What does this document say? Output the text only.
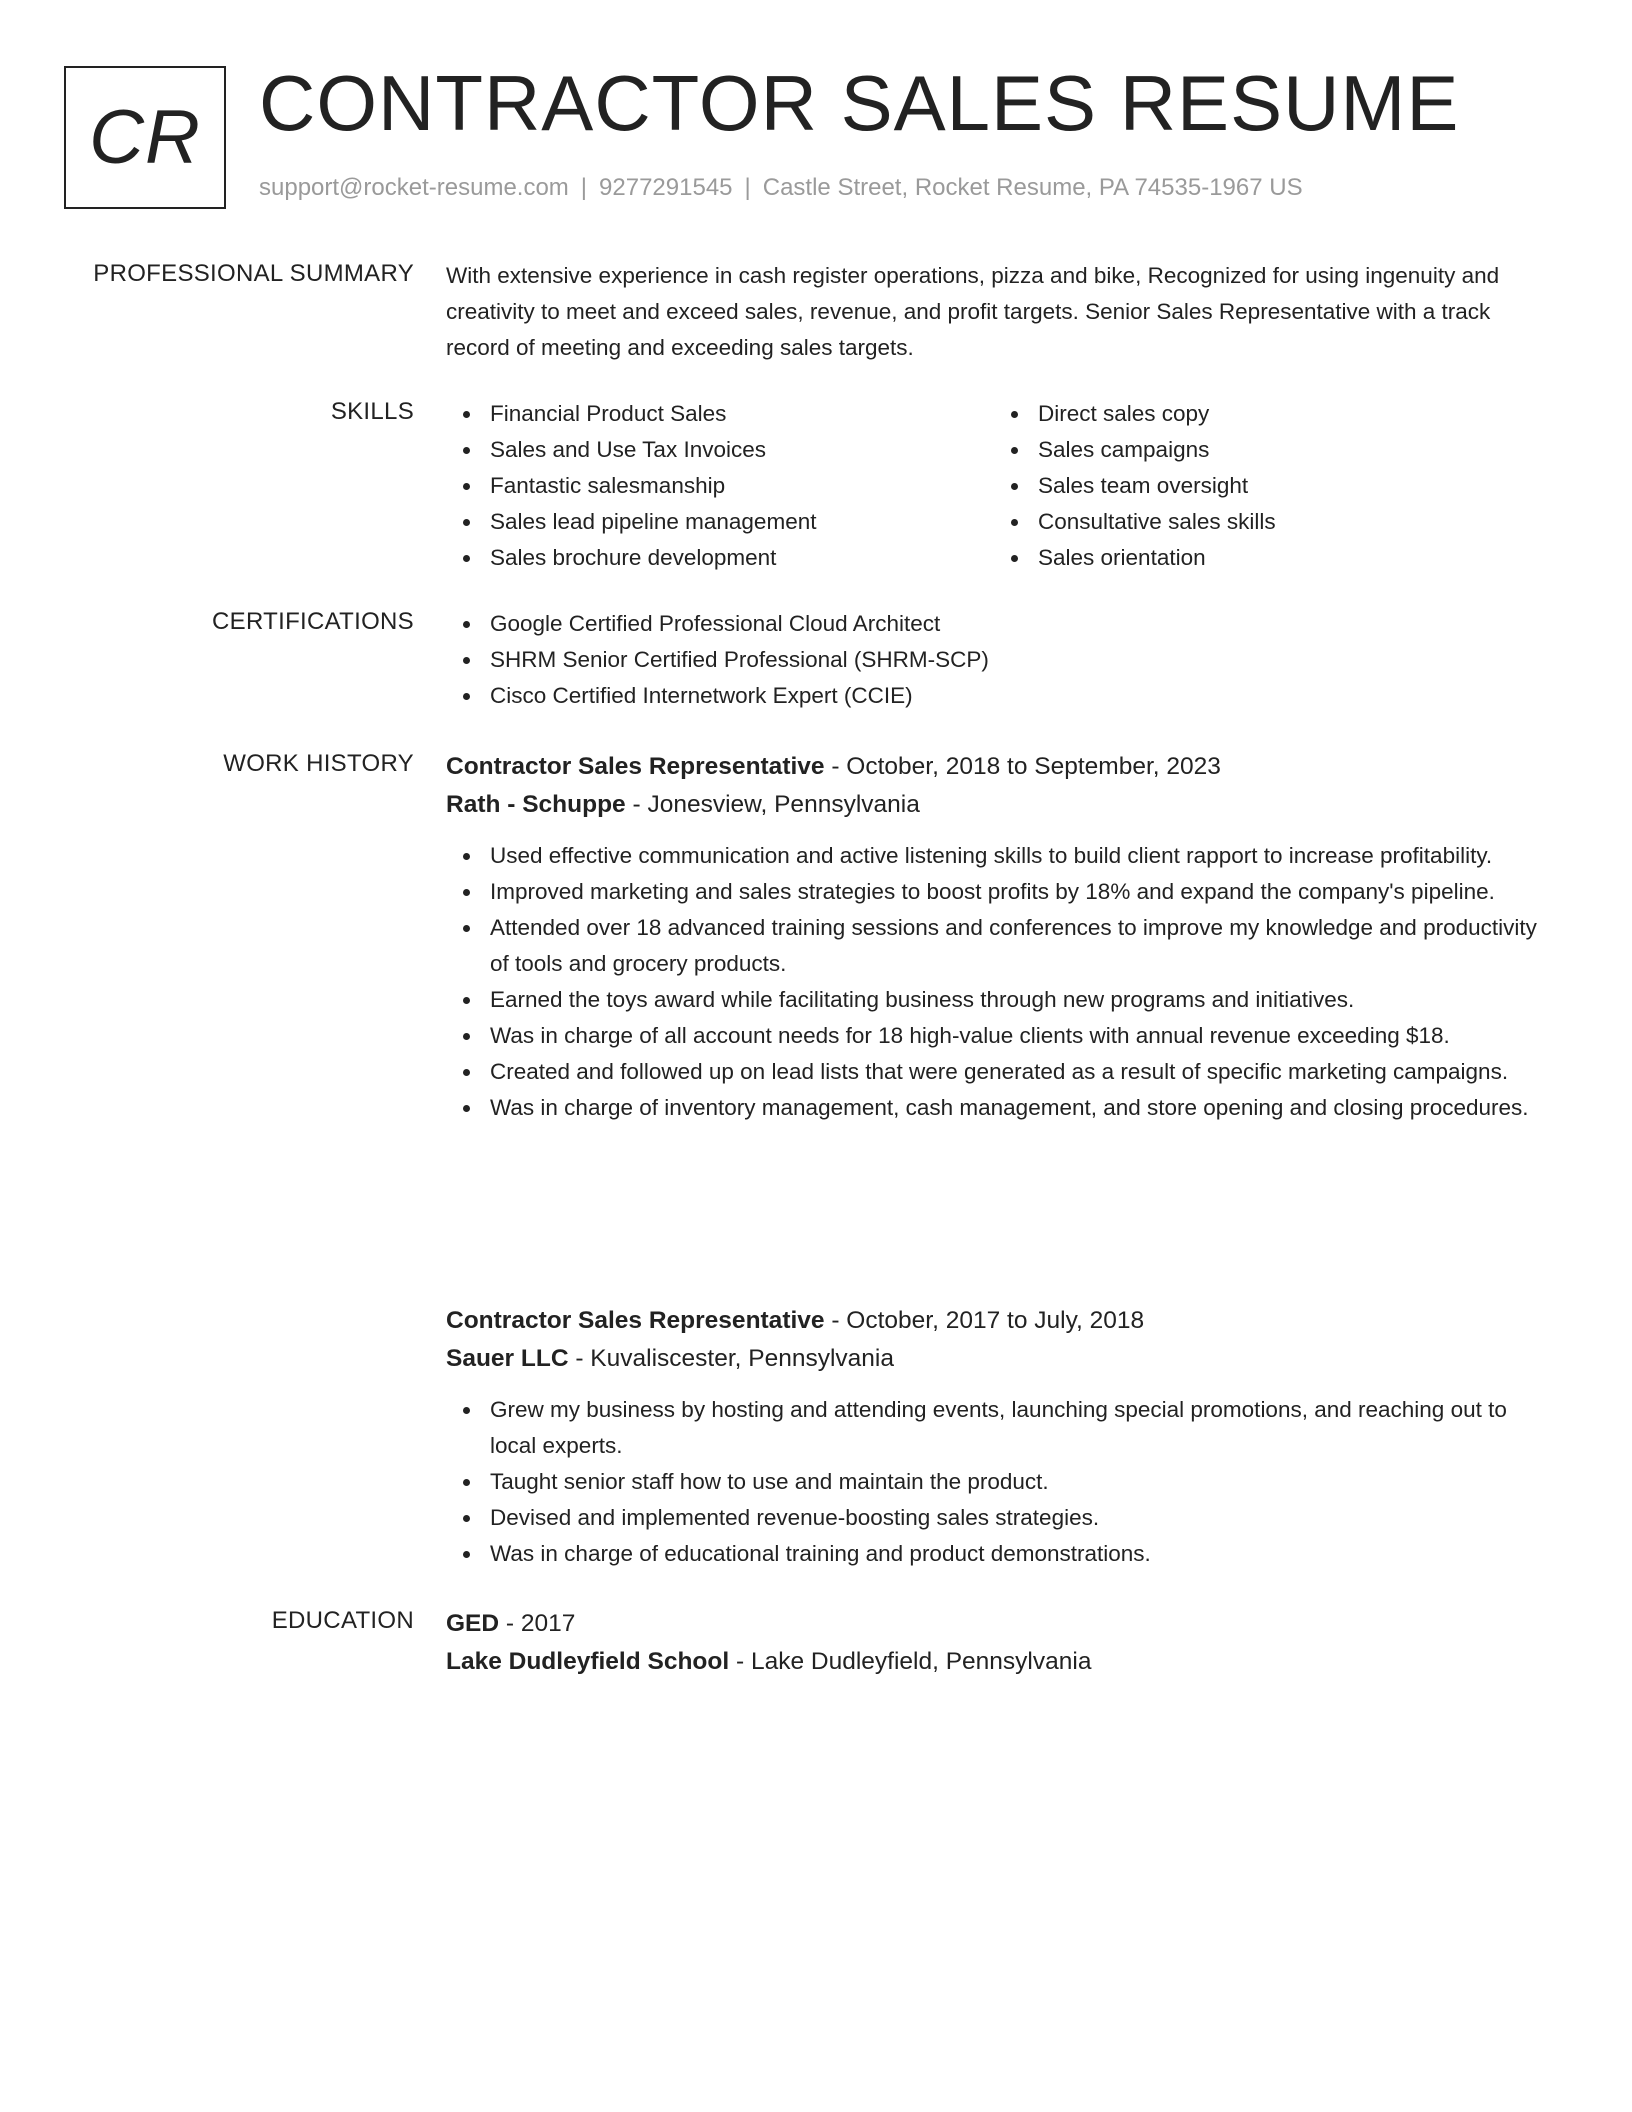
CR CONTRACTOR SALES RESUME
support@rocket-resume.com | 9277291545 | Castle Street, Rocket Resume, PA 74535-1967 US
PROFESSIONAL SUMMARY With extensive experience in cash register operations, pizza and bike, Recognized for using ingenuity and creativity to meet and exceed sales, revenue, and profit targets. Senior Sales Representative with a track record of meeting and exceeding sales targets.
SKILLS	Financial Product Sales
Sales and Use Tax Invoices
Fantastic salesmanship
Sales lead pipeline management
Sales brochure development
Direct sales copy
Sales campaigns
Sales team oversight
Consultative sales skills
Sales orientation
CERTIFICATIONS	Google Certified Professional Cloud Architect
SHRM Senior Certified Professional (SHRM-SCP)
Cisco Certified Internetwork Expert (CCIE)
WORK HISTORY Contractor Sales Representative - October, 2018 to September, 2023
Rath - Schuppe - Jonesview, Pennsylvania
Used effective communication and active listening skills to build client rapport to increase profitability.
Improved marketing and sales strategies to boost profits by 18% and expand the company's pipeline.
Attended over 18 advanced training sessions and conferences to improve my knowledge and productivity of tools and grocery products.
Earned the toys award while facilitating business through new programs and initiatives.
Was in charge of all account needs for 18 high-value clients with annual revenue exceeding $18.
Created and followed up on lead lists that were generated as a result of specific marketing campaigns.
Was in charge of inventory management, cash management, and store opening and closing procedures.
Contractor Sales Representative - October, 2017 to July, 2018
Sauer LLC - Kuvaliscester, Pennsylvania
Grew my business by hosting and attending events, launching special promotions, and reaching out to local experts.
Taught senior staff how to use and maintain the product.
Devised and implemented revenue-boosting sales strategies.
Was in charge of educational training and product demonstrations.
EDUCATION GED - 2017
Lake Dudleyfield School - Lake Dudleyfield, Pennsylvania
